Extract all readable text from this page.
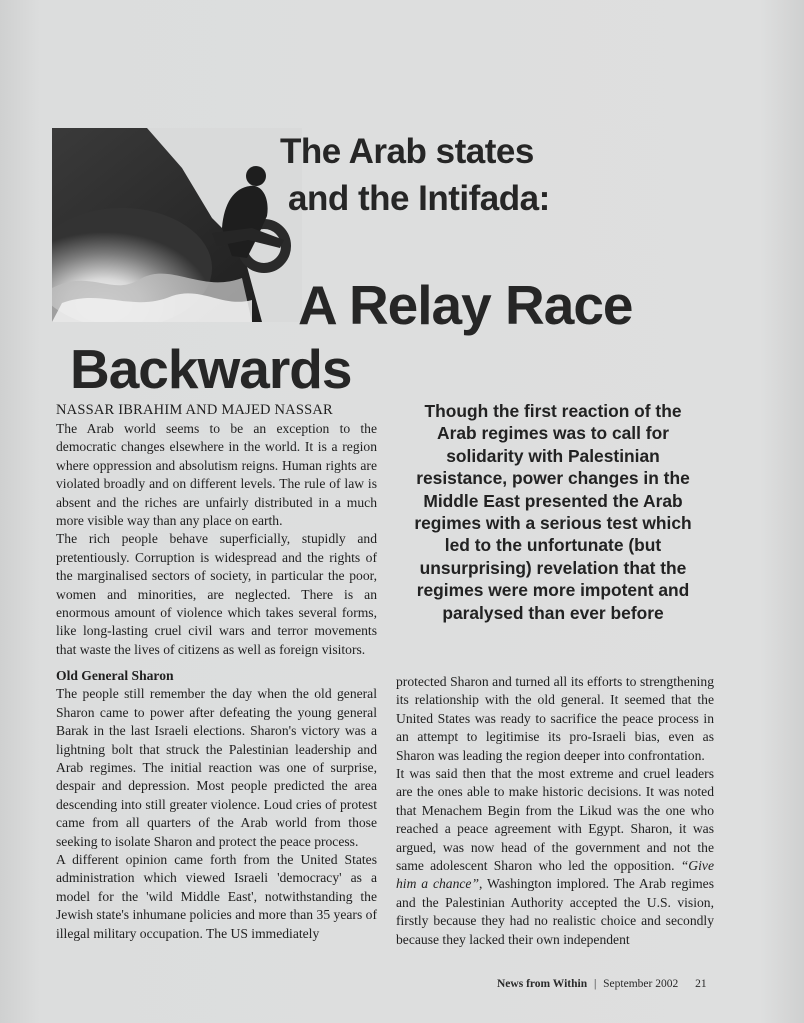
The Arab states
and the Intifada:
A Relay Race
Backwards
NASSAR IBRAHIM AND MAJED NASSAR

The Arab world seems to be an exception to the democratic changes elsewhere in the world. It is a region where oppression and absolutism reigns. Human rights are violated broadly and on different levels. The rule of law is absent and the riches are unfairly distributed in a much more visible way than any place on earth.

The rich people behave superficially, stupidly and pretentiously. Corruption is widespread and the rights of the marginalised sectors of society, in particular the poor, women and minorities, are neglected. There is an enormous amount of violence which takes several forms, like long-lasting cruel civil wars and terror movements that waste the lives of citizens as well as foreign visitors.

Though the first reaction of the Arab regimes was to call for solidarity with Palestinian resistance, power changes in the Middle East presented the Arab regimes with a serious test which led to the unfortunate (but unsurprising) revelation that the regimes were more impotent and paralysed than ever before

Old General Sharon

The people still remember the day when the old general Sharon came to power after defeating the young general Barak in the last Israeli elections. Sharon's victory was a lightning bolt that struck the Palestinian leadership and Arab regimes. The initial reaction was one of surprise, despair and depression. Most people predicted the area descending into still greater violence. Loud cries of protest came from all quarters of the Arab world from those seeking to isolate Sharon and protect the peace process.

A different opinion came forth from the United States administration which viewed Israeli 'democracy' as a model for the 'wild Middle East', notwithstanding the Jewish state's inhumane policies and more than 35 years of illegal military occupation. The US immediately

protected Sharon and turned all its efforts to strengthening its relationship with the old general. It seemed that the United States was ready to sacrifice the peace process in an attempt to legitimise its pro-Israeli bias, even as Sharon was leading the region deeper into confrontation.

It was said then that the most extreme and cruel leaders are the ones able to make historic decisions. It was noted that Menachem Begin from the Likud was the one who reached a peace agreement with Egypt. Sharon, it was argued, was now head of the government and not the same adolescent Sharon who led the opposition. “Give him a chance”, Washington implored. The Arab regimes and the Palestinian Authority accepted the U.S. vision, firstly because they had no realistic choice and secondly because they lacked their own independent

News from Within | September 2002 21
